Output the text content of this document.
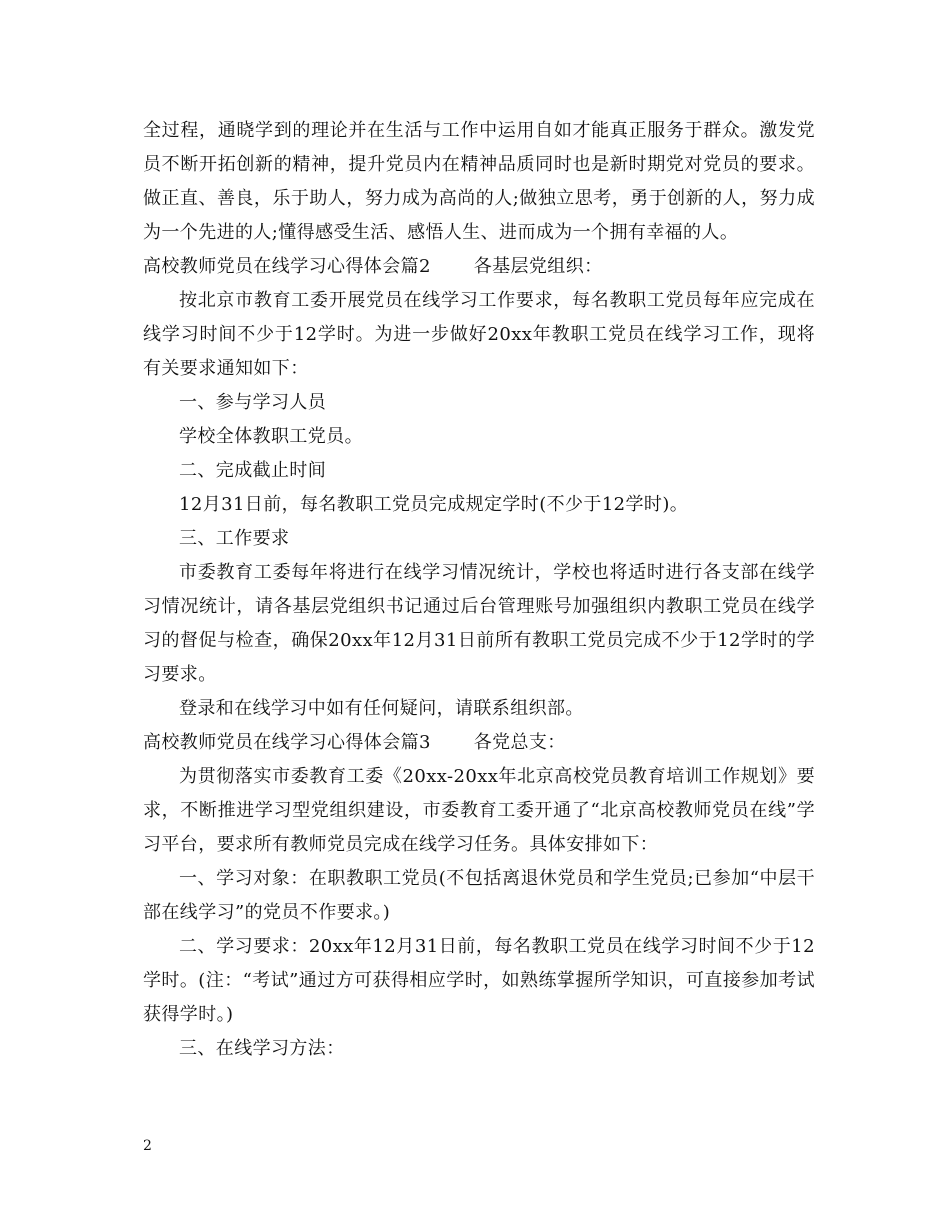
全过程，通晓学到的理论并在生活与工作中运用自如才能真正服务于群众。激发党员不断开拓创新的精神，提升党员内在精神品质同时也是新时期党对党员的要求。做正直、善良，乐于助人，努力成为高尚的人;做独立思考，勇于创新的人，努力成为一个先进的人;懂得感受生活、感悟人生、进而成为一个拥有幸福的人。

高校教师党员在线学习心得体会篇2       各基层党组织：

按北京市教育工委开展党员在线学习工作要求，每名教职工党员每年应完成在线学习时间不少于12学时。为进一步做好20xx年教职工党员在线学习工作，现将有关要求通知如下：

一、参与学习人员

学校全体教职工党员。

二、完成截止时间

12月31日前，每名教职工党员完成规定学时(不少于12学时)。

三、工作要求

市委教育工委每年将进行在线学习情况统计，学校也将适时进行各支部在线学习情况统计，请各基层党组织书记通过后台管理账号加强组织内教职工党员在线学习的督促与检查，确保20xx年12月31日前所有教职工党员完成不少于12学时的学习要求。

登录和在线学习中如有任何疑问，请联系组织部。

高校教师党员在线学习心得体会篇3       各党总支：

为贯彻落实市委教育工委《20xx-20xx年北京高校党员教育培训工作规划》要求，不断推进学习型党组织建设，市委教育工委开通了“北京高校教师党员在线”学习平台，要求所有教师党员完成在线学习任务。具体安排如下：

一、学习对象：在职教职工党员(不包括离退休党员和学生党员;已参加“中层干部在线学习”的党员不作要求。)

二、学习要求：20xx年12月31日前，每名教职工党员在线学习时间不少于12学时。(注：“考试”通过方可获得相应学时，如熟练掌握所学知识，可直接参加考试获得学时。)

三、在线学习方法：

2
